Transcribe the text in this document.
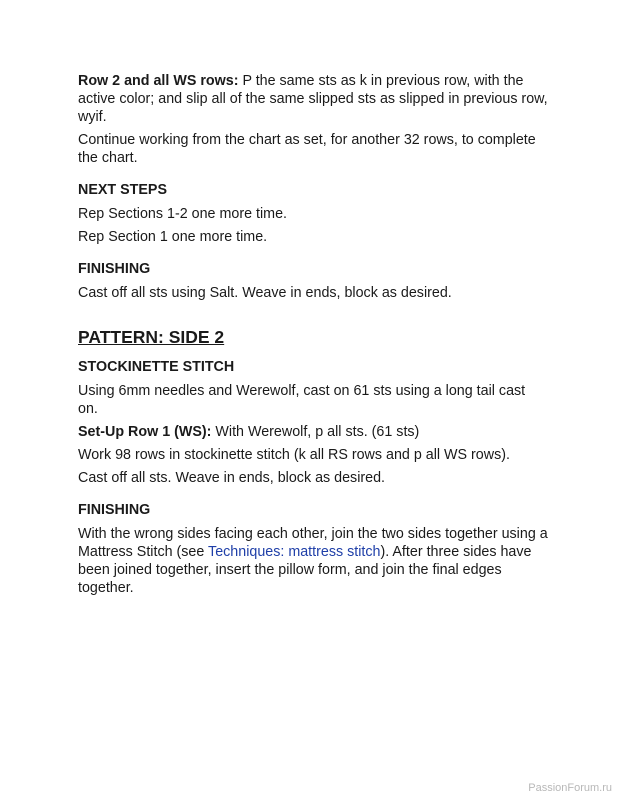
Row 2 and all WS rows: P the same sts as k in previous row, with the active color; and slip all of the same slipped sts as slipped in previous row, wyif.

Continue working from the chart as set, for another 32 rows, to complete the chart.

NEXT STEPS

Rep Sections 1-2 one more time.

Rep Section 1 one more time.

FINISHING

Cast off all sts using Salt. Weave in ends, block as desired.

PATTERN: SIDE 2
STOCKINETTE STITCH

Using 6mm needles and Werewolf, cast on 61 sts using a long tail cast on.

Set-Up Row 1 (WS): With Werewolf, p all sts. (61 sts)

Work 98 rows in stockinette stitch (k all RS rows and p all WS rows).

Cast off all sts. Weave in ends, block as desired.

FINISHING

With the wrong sides facing each other, join the two sides together using a Mattress Stitch (see Techniques: mattress stitch). After three sides have been joined together, insert the pillow form, and join the final edges together.

PassionForum.ru
